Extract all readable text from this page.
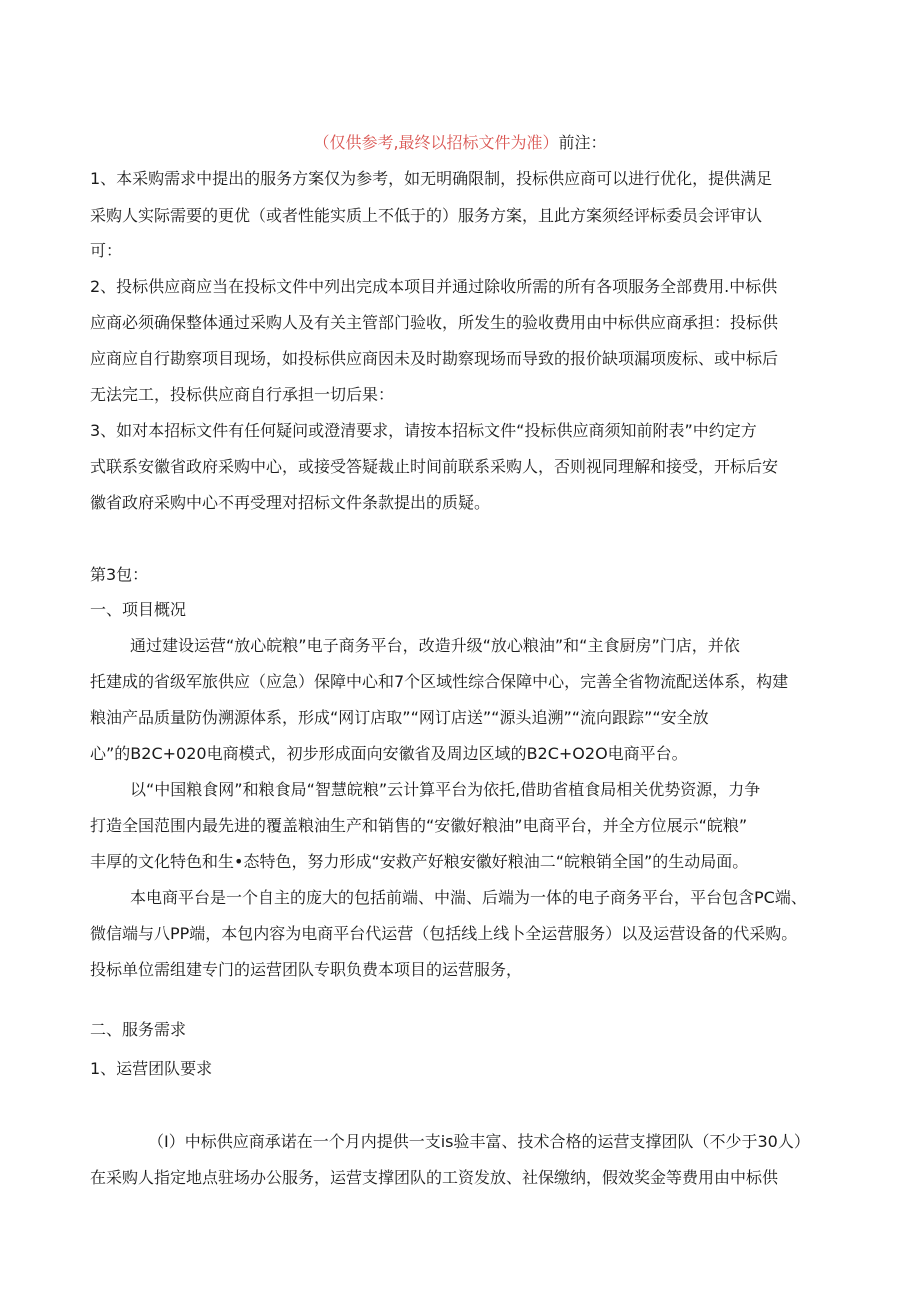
（仅供参考,最终以招标文件为准）前注：
1、本采购需求中提出的服务方案仅为参考，如无明确限制，投标供应商可以进行优化，提供满足
采购人实际需要的更优（或者性能实质上不低于的）服务方案，且此方案须经评标委员会评审认
可：
2、投标供应商应当在投标文件中列出完成本项目并通过除收所需的所有各项服务全部费用.中标供
应商必须确保整体通过采购人及有关主管部门验收，所发生的验收费用由中标供应商承担：投标供
应商应自行勘察项目现场，如投标供应商因未及时勘察现场而导致的报价缺项漏项废标、或中标后
无法完工，投标供应商自行承担一切后果：
3、如对本招标文件有任何疑问或澄清要求，请按本招标文件“投标供应商须知前附表”中约定方
式联系安徽省政府采购中心，或接受答疑裁止时间前联系采购人，否则视同理解和接受，开标后安
徽省政府采购中心不再受理对招标文件条款提出的质疑。
第3包：
一、项目概况
通过建设运营“放心皖粮”电子商务平台，改造升级“放心粮油”和“主食厨房”门店，并依
托建成的省级军旅供应（应急）保障中心和7个区域性综合保障中心，完善全省物流配送体系，构建
粮油产品质量防伪溯源体系，形成“网订店取”“网订店送”“源头追溯”“流向跟踪”“安全放
心”的B2C+020电商模式，初步形成面向安徽省及周边区域的B2C+O2O电商平台。
以“中国粮食网”和粮食局“智慧皖粮”云计算平台为依托,借助省植食局相关优势资源，力争
打造全国范围内最先进的覆盖粮油生产和销售的“安徽好粮油”电商平台，并全方位展示“皖粮”
丰厚的文化特色和生•态特色，努力形成“安救产好粮安徽好粮油二“皖粮销全国”的生动局面。
本电商平台是一个自主的庞大的包括前端、中湍、后端为一体的电子商务平台，平台包含PC端、
微信端与八PP端，本包内容为电商平台代运营（包括线上线卜全运营服务）以及运营设备的代采购。
投标单位需组建专门的运营团队专职负费本项目的运营服务，
二、服务需求
1、运营团队要求
（I）中标供应商承诺在一个月内提供一支is验丰富、技术合格的运营支撑团队（不少于30人）
在采购人指定地点驻场办公服务，运营支撑团队的工资发放、社保缴纳，假效奖金等费用由中标供
